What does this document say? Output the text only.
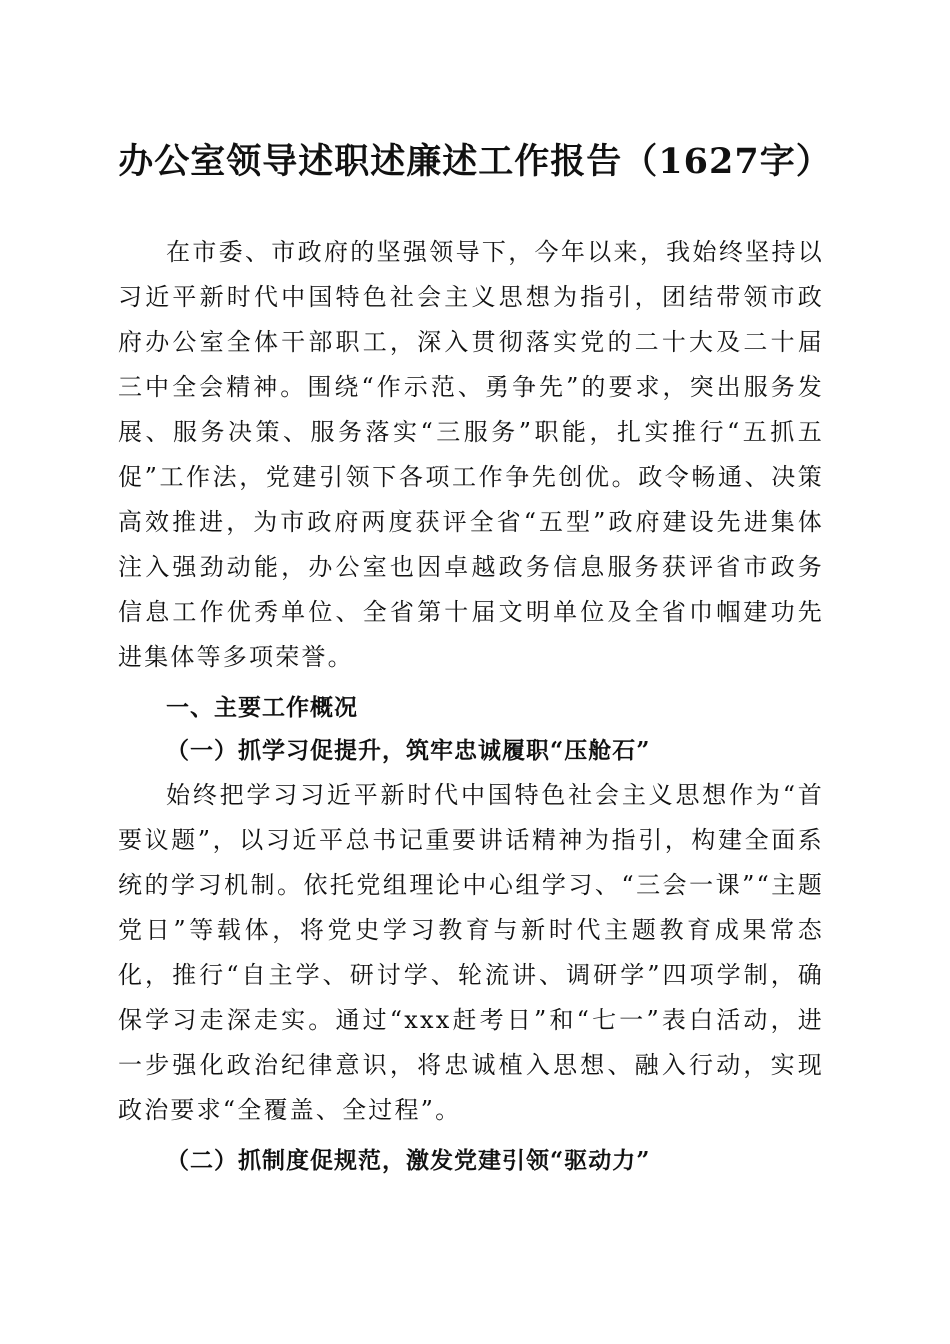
办公室领导述职述廉述工作报告（1627字）

在市委、市政府的坚强领导下，今年以来，我始终坚持以习近平新时代中国特色社会主义思想为指引，团结带领市政府办公室全体干部职工，深入贯彻落实党的二十大及二十届三中全会精神。围绕“作示范、勇争先”的要求，突出服务发展、服务决策、服务落实“三服务”职能，扎实推行“五抓五促”工作法，党建引领下各项工作争先创优。政令畅通、决策高效推进，为市政府两度获评全省“五型”政府建设先进集体注入强劲动能，办公室也因卓越政务信息服务获评省市政务信息工作优秀单位、全省第十届文明单位及全省巾帼建功先进集体等多项荣誉。

一、主要工作概况

（一）抓学习促提升，筑牢忠诚履职“压舱石”

始终把学习习近平新时代中国特色社会主义思想作为“首要议题”，以习近平总书记重要讲话精神为指引，构建全面系统的学习机制。依托党组理论中心组学习、“三会一课”“主题党日”等载体，将党史学习教育与新时代主题教育成果常态化，推行“自主学、研讨学、轮流讲、调研学”四项学制，确保学习走深走实。通过“xxx赶考日”和“七一”表白活动，进一步强化政治纪律意识，将忠诚植入思想、融入行动，实现政治要求“全覆盖、全过程”。

（二）抓制度促规范，激发党建引领“驱动力”
